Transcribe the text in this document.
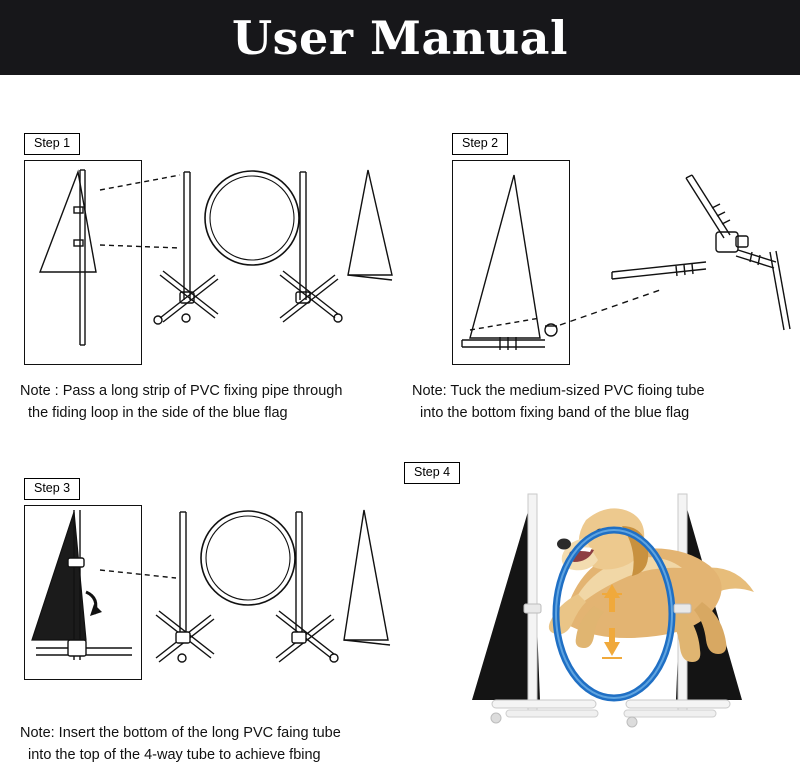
User Manual
Step 1
Note : Pass a long strip of PVC fixing pipe through
the fiding loop in the side of the blue flag
Step 2
Note: Tuck the medium-sized PVC fioing tube
into the bottom fixing band of the blue flag
Step 3
Note: Insert the bottom of the long PVC faing tube
into the top of the 4-way tube to achieve fbing
Step 4
